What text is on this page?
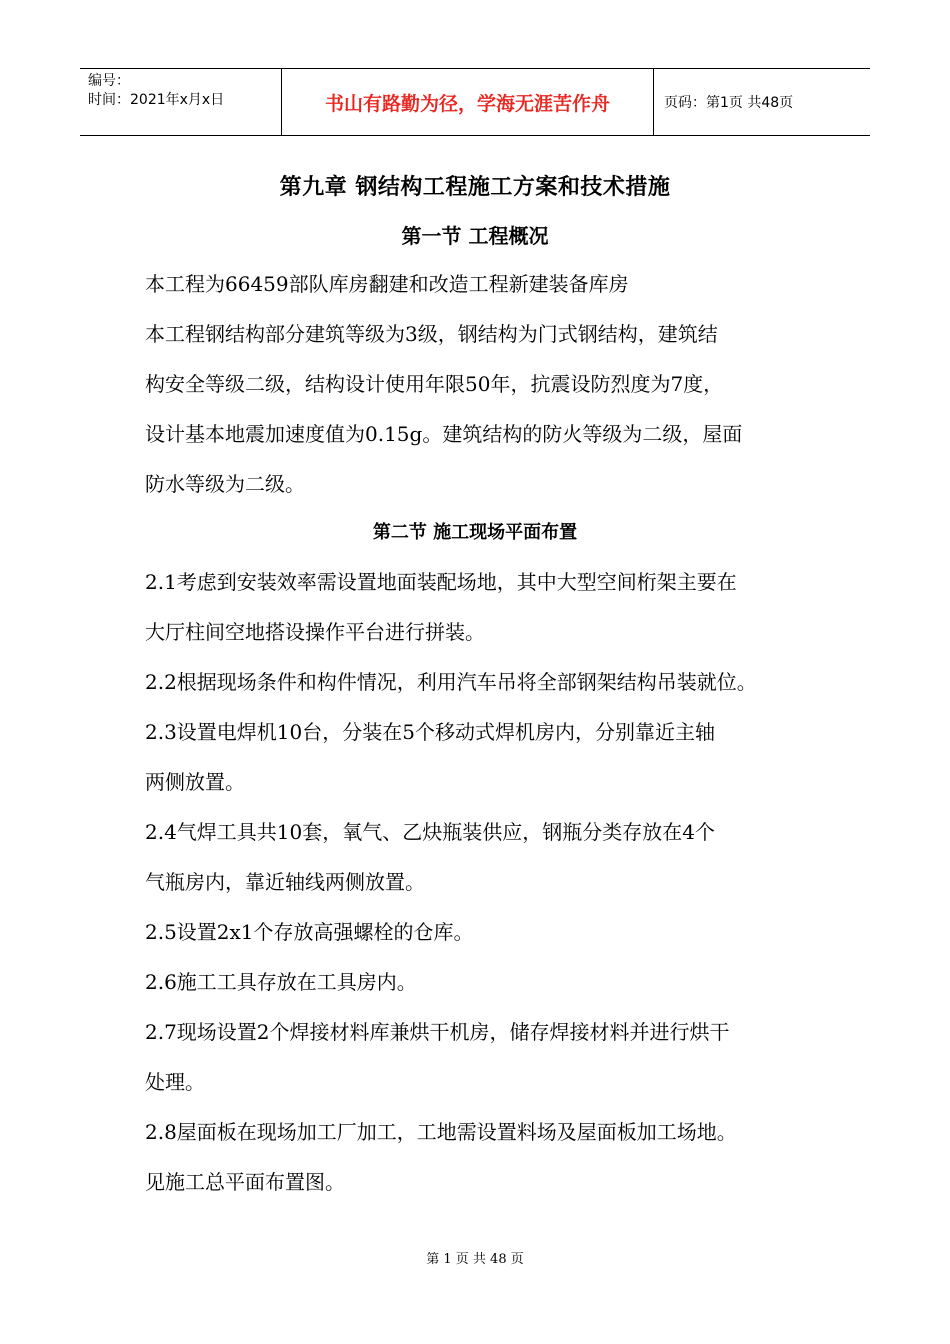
编号：
时间：2021年x月x日	书山有路勤为径，学海无涯苦作舟	页码：第1页 共48页
第九章 钢结构工程施工方案和技术措施
第一节 工程概况
本工程为66459部队库房翻建和改造工程新建装备库房
本工程钢结构部分建筑等级为3级，钢结构为门式钢结构，建筑结
构安全等级二级，结构设计使用年限50年，抗震设防烈度为7度，
设计基本地震加速度值为0.15g。建筑结构的防火等级为二级，屋面
防水等级为二级。
第二节 施工现场平面布置
2.1考虑到安装效率需设置地面装配场地，其中大型空间桁架主要在
大厅柱间空地搭设操作平台进行拼装。
2.2根据现场条件和构件情况，利用汽车吊将全部钢架结构吊装就位。
2.3设置电焊机10台，分装在5个移动式焊机房内，分别靠近主轴
两侧放置。
2.4气焊工具共10套，氧气、乙炔瓶装供应，钢瓶分类存放在4个
气瓶房内，靠近轴线两侧放置。
2.5设置2x1个存放高强螺栓的仓库。
2.6施工工具存放在工具房内。
2.7现场设置2个焊接材料库兼烘干机房，储存焊接材料并进行烘干
处理。
2.8屋面板在现场加工厂加工，工地需设置料场及屋面板加工场地。
见施工总平面布置图。
第 1 页 共 48 页
